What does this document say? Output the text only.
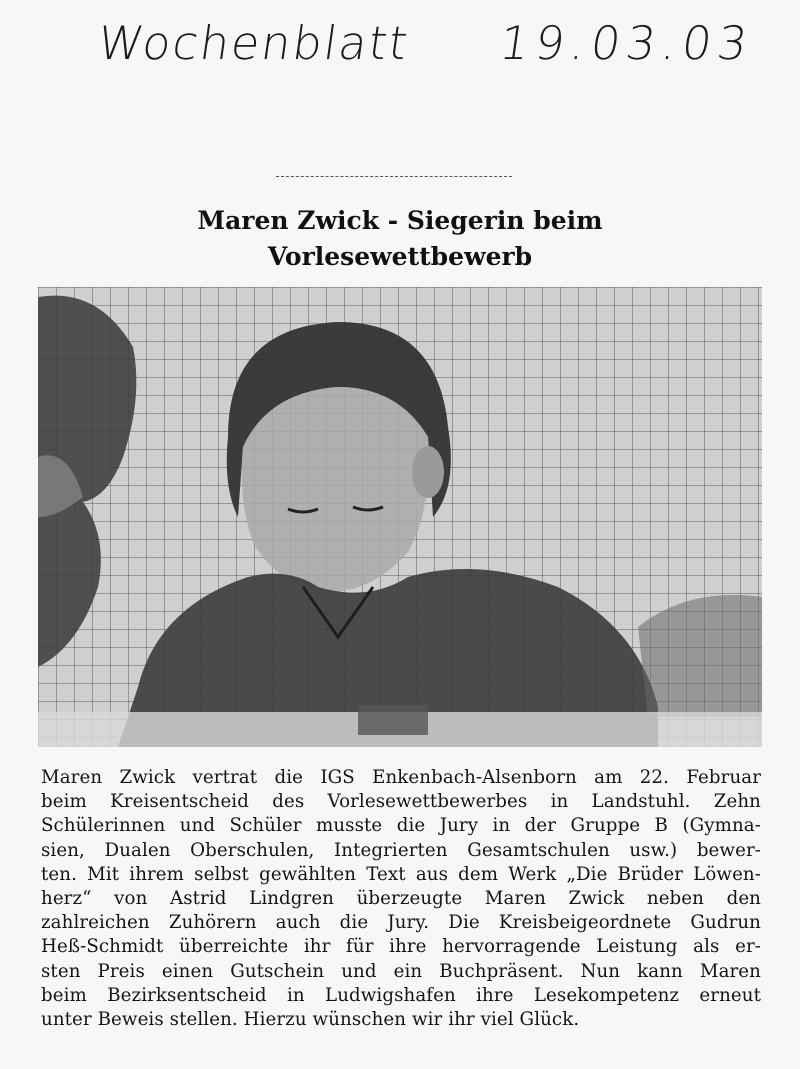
Wochenblatt 19.03.03
Maren Zwick - Siegerin beim
Vorlesewettbewerb
Maren Zwick vertrat die IGS Enkenbach-Alsenborn am 22. Februar
beim Kreisentscheid des Vorlesewettbewerbes in Landstuhl. Zehn
Schülerinnen und Schüler musste die Jury in der Gruppe B (Gymna-
sien, Dualen Oberschulen, Integrierten Gesamtschulen usw.) bewer-
ten. Mit ihrem selbst gewählten Text aus dem Werk „Die Brüder Löwen-
herz“ von Astrid Lindgren überzeugte Maren Zwick neben den
zahlreichen Zuhörern auch die Jury. Die Kreisbeigeordnete Gudrun
Heß-Schmidt überreichte ihr für ihre hervorragende Leistung als er-
sten Preis einen Gutschein und ein Buchpräsent. Nun kann Maren
beim Bezirksentscheid in Ludwigshafen ihre Lesekompetenz erneut
unter Beweis stellen. Hierzu wünschen wir ihr viel Glück.
